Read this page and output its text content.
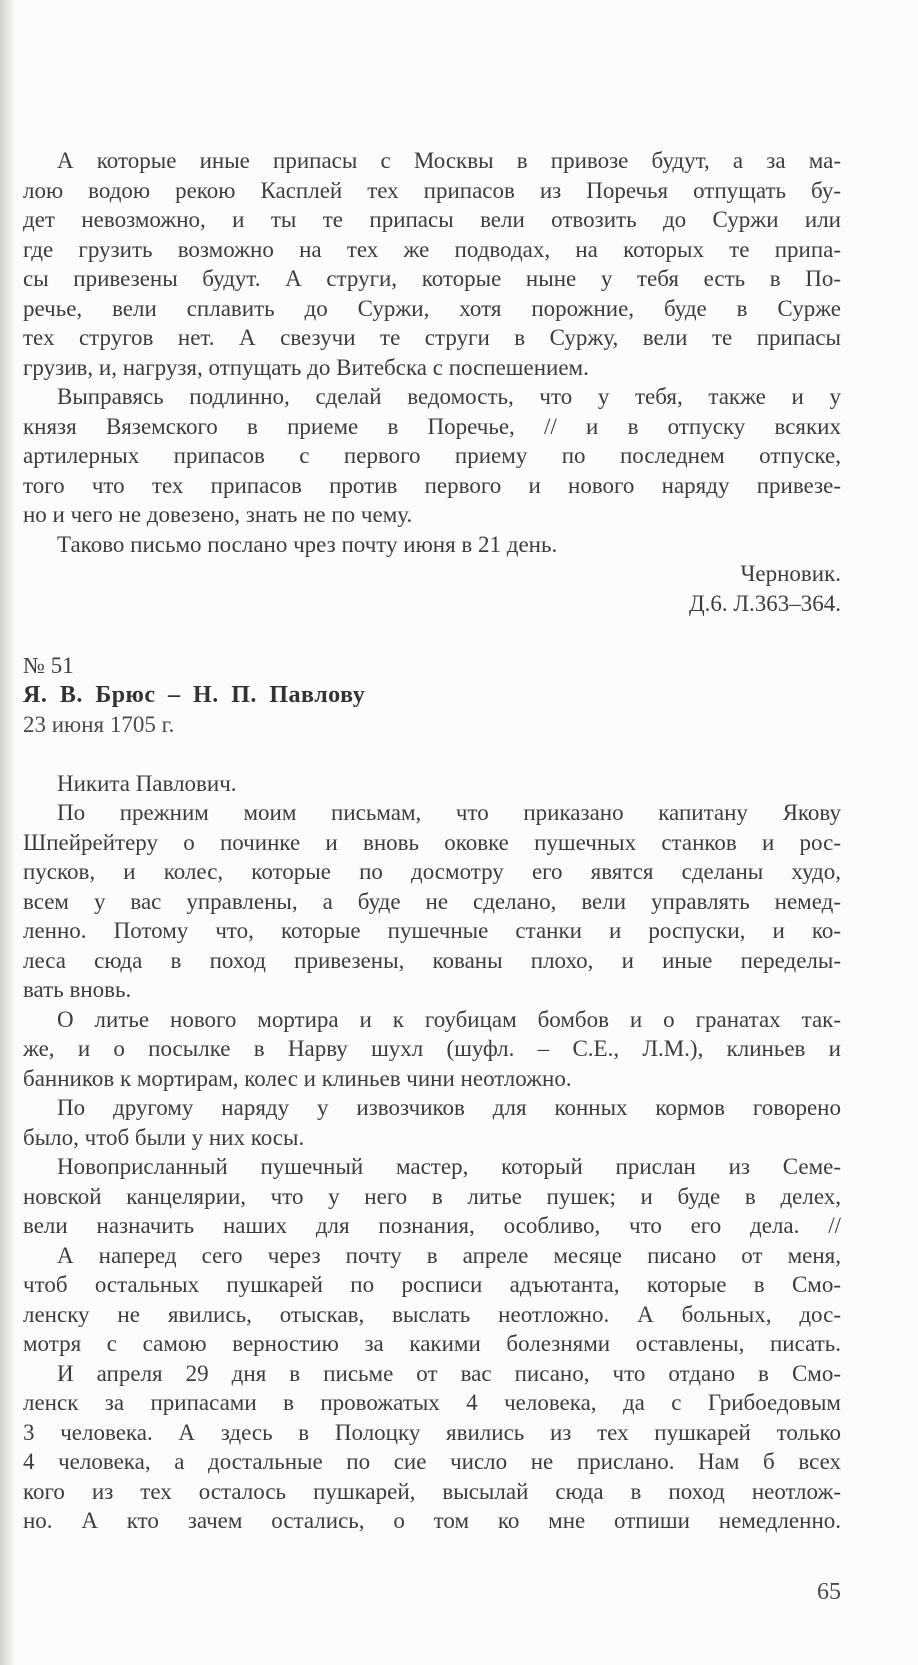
А которые иные припасы с Москвы в привозе будут, а за ма-
лою водою рекою Касплей тех припасов из Поречья отпущать бу-
дет невозможно, и ты те припасы вели отвозить до Суржи или
где грузить возможно на тех же подводах, на которых те припа-
сы привезены будут. А струги, которые ныне у тебя есть в По-
речье, вели сплавить до Суржи, хотя порожние, буде в Сурже
тех стругов нет. А свезучи те струги в Суржу, вели те припасы
грузив, и, нагрузя, отпущать до Витебска с поспешением.
Выправясь подлинно, сделай ведомость, что у тебя, также и у
князя Вяземского в приеме в Поречье, // и в отпуску всяких
артилерных припасов с первого приему по последнем отпуске,
того что тех припасов против первого и нового наряду привезе-
но и чего не довезено, знать не по чему.
Таково письмо послано чрез почту июня в 21 день.
Черновик.
Д.6. Л.363–364.
№ 51
Я. В. Брюс – Н. П. Павлову
23 июня 1705 г.
Никита Павлович.
По прежним моим письмам, что приказано капитану Якову
Шпейрейтеру о починке и вновь оковке пушечных станков и рос-
пусков, и колес, которые по досмотру его явятся сделаны худо,
всем у вас управлены, а буде не сделано, вели управлять немед-
ленно. Потому что, которые пушечные станки и роспуски, и ко-
леса сюда в поход привезены, кованы плохо, и иные переделы-
вать вновь.
О литье нового мортира и к гоубицам бомбов и о гранатах так-
же, и о посылке в Нарву шухл (шуфл. – С.Е., Л.М.), клиньев и
банников к мортирам, колес и клиньев чини неотложно.
По другому наряду у извозчиков для конных кормов говорено
было, чтоб были у них косы.
Новоприсланный пушечный мастер, который прислан из Семе-
новской канцелярии, что у него в литье пушек; и буде в делех,
вели назначить наших для познания, особливо, что его дела. //
А наперед сего через почту в апреле месяце писано от меня,
чтоб остальных пушкарей по росписи адъютанта, которые в Смо-
ленску не явились, отыскав, выслать неотложно. А больных, дос-
мотря с самою верностию за какими болезнями оставлены, писать.
И апреля 29 дня в письме от вас писано, что отдано в Смо-
ленск за припасами в провожатых 4 человека, да с Грибоедовым
3 человека. А здесь в Полоцку явились из тех пушкарей только
4 человека, а достальные по сие число не прислано. Нам б всех
кого из тех осталось пушкарей, высылай сюда в поход неотлож-
но. А кто зачем остались, о том ко мне отпиши немедленно.
65
